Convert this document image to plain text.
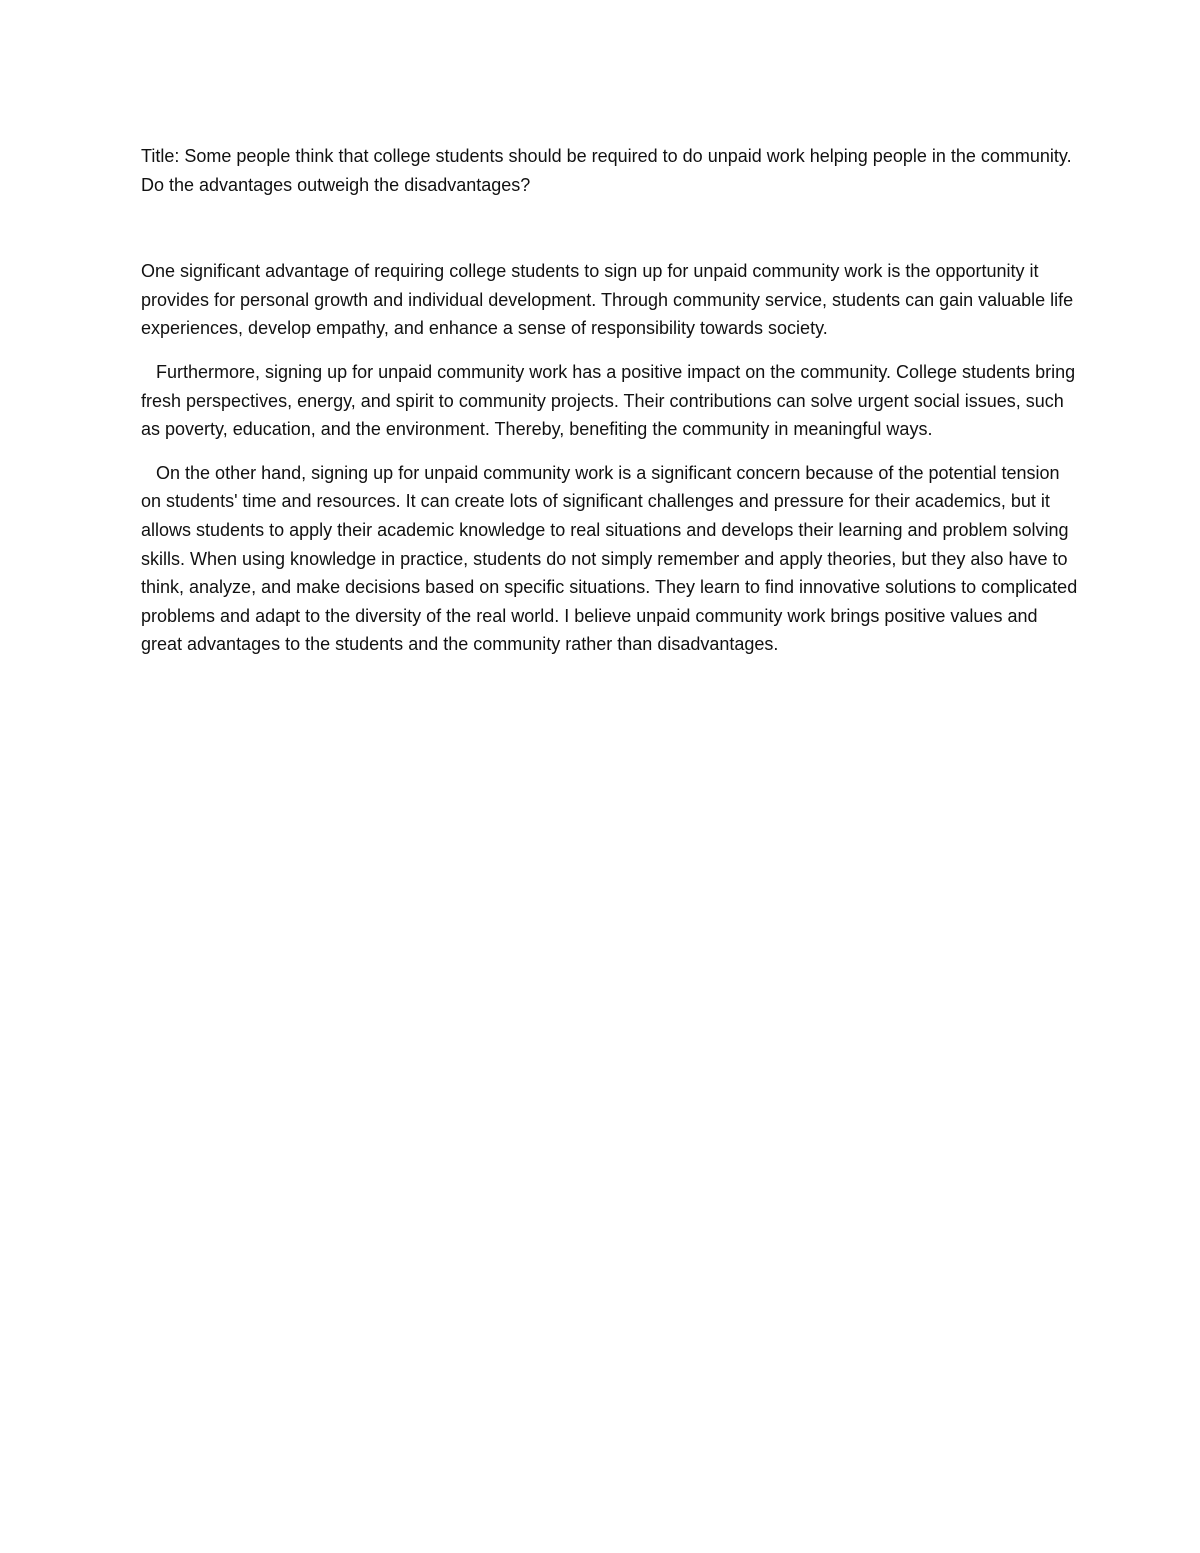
Title: Some people think that college students should be required to do unpaid work helping people in the community. Do the advantages outweigh the disadvantages?

One significant advantage of requiring college students to sign up for unpaid community work is the opportunity it provides for personal growth and individual development. Through community service, students can gain valuable life experiences, develop empathy, and enhance a sense of responsibility towards society.

Furthermore, signing up for unpaid community work has a positive impact on the community. College students bring fresh perspectives, energy, and spirit to community projects. Their contributions can solve urgent social issues, such as poverty, education, and the environment. Thereby, benefiting the community in meaningful ways.

On the other hand, signing up for unpaid community work is a significant concern because of the potential tension on students' time and resources. It can create lots of significant challenges and pressure for their academics, but it allows students to apply their academic knowledge to real situations and develops their learning and problem solving skills. When using knowledge in practice, students do not simply remember and apply theories, but they also have to think, analyze, and make decisions based on specific situations. They learn to find innovative solutions to complicated problems and adapt to the diversity of the real world. I believe unpaid community work brings positive values and great advantages to the students and the community rather than disadvantages.
